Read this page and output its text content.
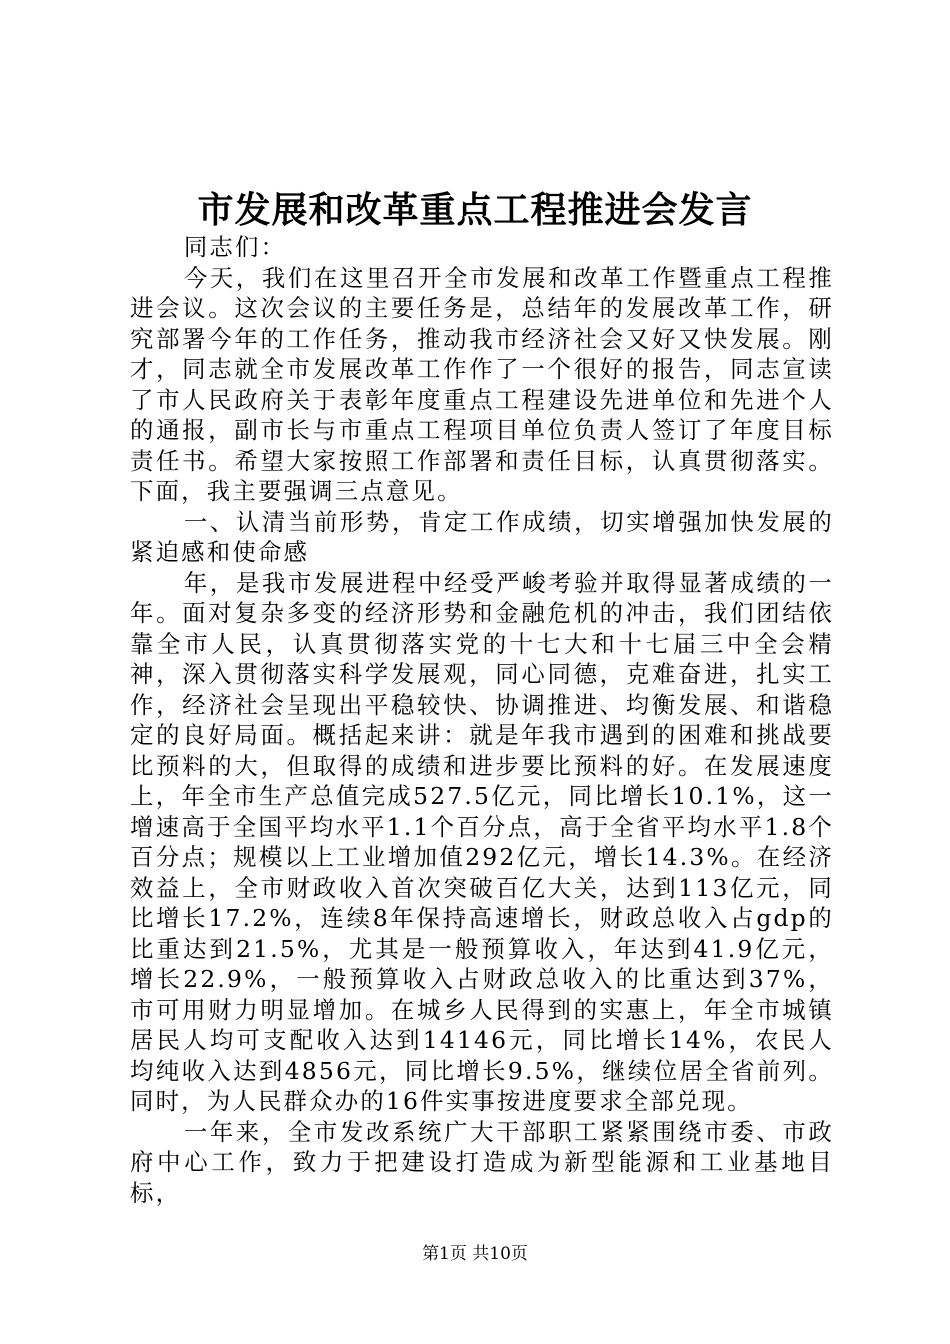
市发展和改革重点工程推进会发言

同志们：

今天，我们在这里召开全市发展和改革工作暨重点工程推进会议。这次会议的主要任务是，总结年的发展改革工作，研究部署今年的工作任务，推动我市经济社会又好又快发展。刚才，同志就全市发展改革工作作了一个很好的报告，同志宣读了市人民政府关于表彰年度重点工程建设先进单位和先进个人的通报，副市长与市重点工程项目单位负责人签订了年度目标责任书。希望大家按照工作部署和责任目标，认真贯彻落实。下面，我主要强调三点意见。

一、认清当前形势，肯定工作成绩，切实增强加快发展的紧迫感和使命感

年，是我市发展进程中经受严峻考验并取得显著成绩的一年。面对复杂多变的经济形势和金融危机的冲击，我们团结依靠全市人民，认真贯彻落实党的十七大和十七届三中全会精神，深入贯彻落实科学发展观，同心同德，克难奋进，扎实工作，经济社会呈现出平稳较快、协调推进、均衡发展、和谐稳定的良好局面。概括起来讲：就是年我市遇到的困难和挑战要比预料的大，但取得的成绩和进步要比预料的好。在发展速度上，年全市生产总值完成527.5亿元，同比增长10.1%，这一增速高于全国平均水平1.1个百分点，高于全省平均水平1.8个百分点；规模以上工业增加值292亿元，增长14.3%。在经济效益上，全市财政收入首次突破百亿大关，达到113亿元，同比增长17.2%，连续8年保持高速增长，财政总收入占gdp的比重达到21.5%，尤其是一般预算收入，年达到41.9亿元，增长22.9%，一般预算收入占财政总收入的比重达到37%，市可用财力明显增加。在城乡人民得到的实惠上，年全市城镇居民人均可支配收入达到14146元，同比增长14%，农民人均纯收入达到4856元，同比增长9.5%，继续位居全省前列。同时，为人民群众办的16件实事按进度要求全部兑现。

一年来，全市发改系统广大干部职工紧紧围绕市委、市政府中心工作，致力于把建设打造成为新型能源和工业基地目标，

第1页 共10页
